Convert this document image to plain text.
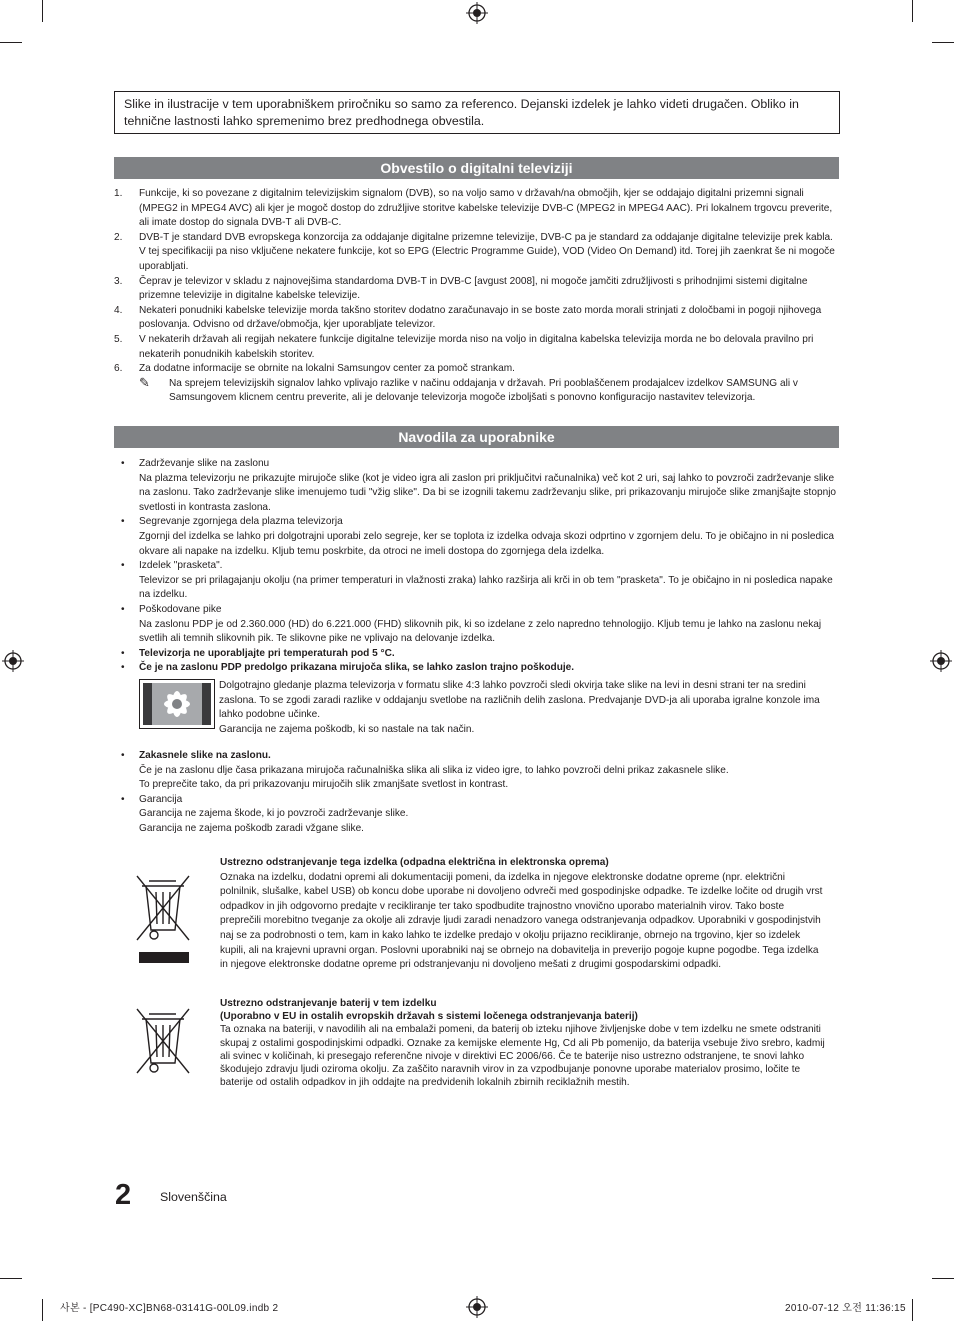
Slike in ilustracije v tem uporabniškem priročniku so samo za referenco. Dejanski izdelek je lahko videti drugačen. Obliko in tehnične lastnosti lahko spremenimo brez predhodnega obvestila.
Obvestilo o digitalni televiziji
1. Funkcije, ki so povezane z digitalnim televizijskim signalom (DVB), so na voljo samo v državah/na območjih, kjer se oddajajo digitalni prizemni signali (MPEG2 in MPEG4 AVC) ali kjer je mogoč dostop do združljive storitve kabelske televizije DVB-C (MPEG2 in MPEG4 AAC). Pri lokalnem trgovcu preverite, ali imate dostop do signala DVB-T ali DVB-C.
2. DVB-T je standard DVB evropskega konzorcija za oddajanje digitalne prizemne televizije, DVB-C pa je standard za oddajanje digitalne televizije prek kabla. V tej specifikaciji pa niso vključene nekatere funkcije, kot so EPG (Electric Programme Guide), VOD (Video On Demand) itd. Torej jih zaenkrat še ni mogoče uporabljati.
3. Čeprav je televizor v skladu z najnovejšima standardoma DVB-T in DVB-C [avgust 2008], ni mogoče jamčiti združljivosti s prihodnjimi sistemi digitalne prizemne televizije in digitalne kabelske televizije.
4. Nekateri ponudniki kabelske televizije morda takšno storitev dodatno zaračunavajo in se boste zato morda morali strinjati z določbami in pogoji njihovega poslovanja. Odvisno od države/območja, kjer uporabljate televizor.
5. V nekaterih državah ali regijah nekatere funkcije digitalne televizije morda niso na voljo in digitalna kabelska televizija morda ne bo delovala pravilno pri nekaterih ponudnikih kabelskih storitev.
6. Za dodatne informacije se obrnite na lokalni Samsungov center za pomoč strankam.
✎ Na sprejem televizijskih signalov lahko vplivajo razlike v načinu oddajanja v državah. Pri pooblaščenem prodajalcev izdelkov SAMSUNG ali v Samsungovem klicnem centru preverite, ali je delovanje televizorja mogoče izboljšati s ponovno konfiguracijo nastavitev televizorja.
Navodila za uporabnike
• Zadrževanje slike na zaslonu
Na plazma televizorju ne prikazujte mirujoče slike (kot je video igra ali zaslon pri priključitvi računalnika) več kot 2 uri, saj lahko to povzroči zadrževanje slike na zaslonu. Tako zadrževanje slike imenujemo tudi "vžig slike". Da bi se izognili takemu zadrževanju slike, pri prikazovanju mirujoče slike zmanjšajte stopnjo svetlosti in kontrasta zaslona.
• Segrevanje zgornjega dela plazma televizorja
Zgornji del izdelka se lahko pri dolgotrajni uporabi zelo segreje, ker se toplota iz izdelka odvaja skozi odprtino v zgornjem delu. To je običajno in ni posledica okvare ali napake na izdelku. Kljub temu poskrbite, da otroci ne imeli dostopa do zgornjega dela izdelka.
• Izdelek "prasketa".
Televizor se pri prilagajanju okolju (na primer temperaturi in vlažnosti zraka) lahko razširja ali krči in ob tem "prasketa". To je običajno in ni posledica napake na izdelku.
• Poškodovane pike
Na zaslonu PDP je od 2.360.000 (HD) do 6.221.000 (FHD) slikovnih pik, ki so izdelane z zelo napredno tehnologijo. Kljub temu je lahko na zaslonu nekaj svetlih ali temnih slikovnih pik. Te slikovne pike ne vplivajo na delovanje izdelka.
• Televizorja ne uporabljajte pri temperaturah pod 5 °C.
• Če je na zaslonu PDP predolgo prikazana mirujoča slika, se lahko zaslon trajno poškoduje.
Dolgotrajno gledanje plazma televizorja v formatu slike 4:3 lahko povzroči sledi okvirja take slike na levi in desni strani ter na sredini zaslona. To se zgodi zaradi razlike v oddajanju svetlobe na različnih delih zaslona. Predvajanje DVD-ja ali uporaba igralne konzole ima lahko podobne učinke.
Garancija ne zajema poškodb, ki so nastale na tak način.
• Zakasnele slike na zaslonu.
Če je na zaslonu dlje časa prikazana mirujoča računalniška slika ali slika iz video igre, to lahko povzroči delni prikaz zakasnele slike.
To preprečite tako, da pri prikazovanju mirujočih slik zmanjšate svetlost in kontrast.
• Garancija
Garancija ne zajema škode, ki jo povzroči zadrževanje slike.
Garancija ne zajema poškodb zaradi vžgane slike.
Ustrezno odstranjevanje tega izdelka (odpadna električna in elektronska oprema)
Oznaka na izdelku, dodatni opremi ali dokumentaciji pomeni, da izdelka in njegove elektronske dodatne opreme (npr. električni polnilnik, slušalke, kabel USB) ob koncu dobe uporabe ni dovoljeno odvreči med gospodinjske odpadke. Te izdelke ločite od drugih vrst odpadkov in jih odgovorno predajte v recikliranje ter tako spodbudite trajnostno vnovično uporabo materialnih virov. Tako boste preprečili morebitno tveganje za okolje ali zdravje ljudi zaradi nenadzoro vanega odstranjevanja odpadkov. Uporabniki v gospodinjstvih naj se za podrobnosti o tem, kam in kako lahko te izdelke predajo v okolju prijazno recikliranje, obrnejo na trgovino, kjer so izdelek kupili, ali na krajevni upravni organ. Poslovni uporabniki naj se obrnejo na dobavitelja in preverijo pogoje kupne pogodbe. Tega izdelka in njegove elektronske dodatne opreme pri odstranjevanju ni dovoljeno mešati z drugimi gospodarskimi odpadki.
Ustrezno odstranjevanje baterij v tem izdelku
(Uporabno v EU in ostalih evropskih državah s sistemi ločenega odstranjevanja baterij)
Ta oznaka na bateriji, v navodilih ali na embalaži pomeni, da baterij ob izteku njihove življenjske dobe v tem izdelku ne smete odstraniti skupaj z ostalimi gospodinjskimi odpadki. Oznake za kemijske elemente Hg, Cd ali Pb pomenijo, da baterija vsebuje živo srebro, kadmij ali svinec v količinah, ki presegajo referenčne nivoje v direktivi EC 2006/66. Če te baterije niso ustrezno odstranjene, te snovi lahko škodujejo zdravju ljudi oziroma okolju. Za zaščito naravnih virov in za vzpodbujanje ponovne uporabe materialov prosimo, ločite te baterije od ostalih odpadkov in jih oddajte na predvidenih lokalnih zbirnih reciklažnih mestih.
2 Slovenščina
사본 - [PC490-XC]BN68-03141G-00L09.indb 2	2010-07-12 오전 11:36:15
